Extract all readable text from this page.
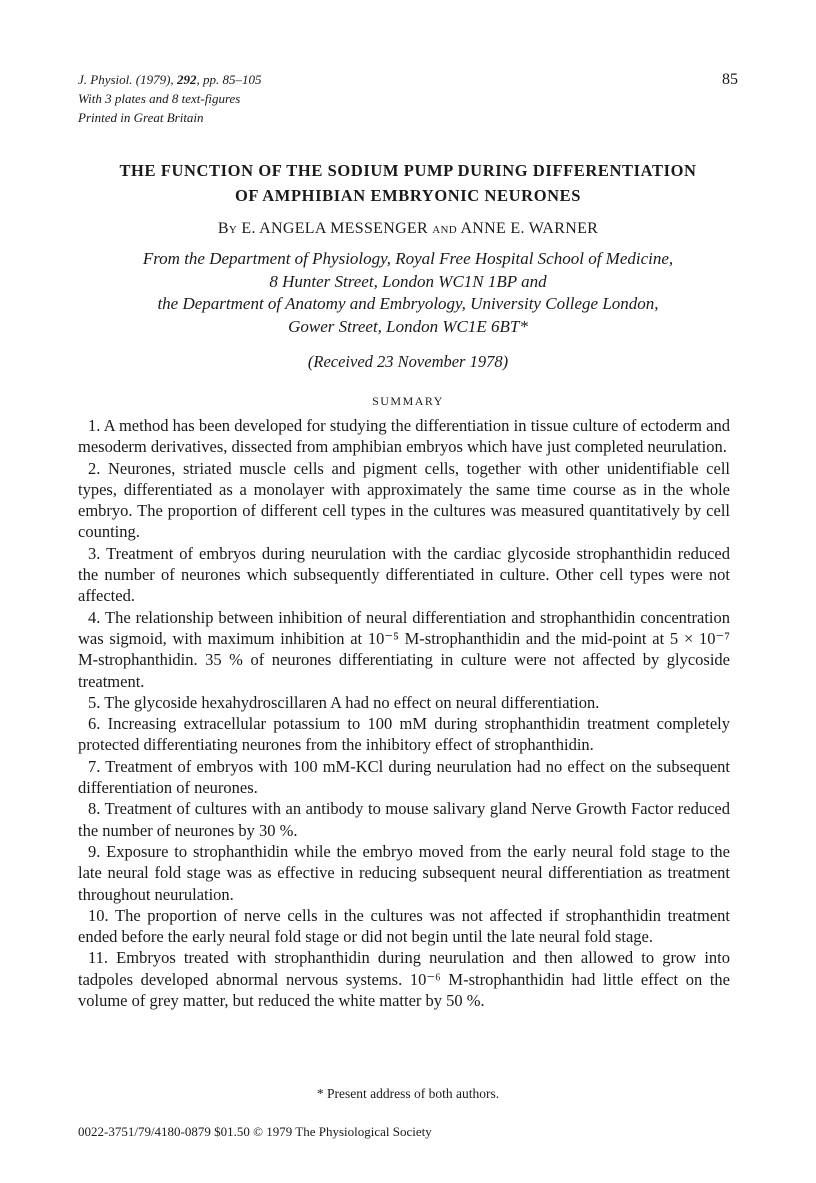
J. Physiol. (1979), 292, pp. 85–105
With 3 plates and 8 text-figures
Printed in Great Britain
85
THE FUNCTION OF THE SODIUM PUMP DURING DIFFERENTIATION
OF AMPHIBIAN EMBRYONIC NEURONES
By E. ANGELA MESSENGER and ANNE E. WARNER
From the Department of Physiology, Royal Free Hospital School of Medicine,
8 Hunter Street, London WC1N 1BP and
the Department of Anatomy and Embryology, University College London,
Gower Street, London WC1E 6BT*
(Received 23 November 1978)
SUMMARY

1. A method has been developed for studying the differentiation in tissue culture of ectoderm and mesoderm derivatives, dissected from amphibian embryos which have just completed neurulation.

2. Neurones, striated muscle cells and pigment cells, together with other unidentifiable cell types, differentiated as a monolayer with approximately the same time course as in the whole embryo. The proportion of different cell types in the cultures was measured quantitatively by cell counting.

3. Treatment of embryos during neurulation with the cardiac glycoside strophanthidin reduced the number of neurones which subsequently differentiated in culture. Other cell types were not affected.

4. The relationship between inhibition of neural differentiation and strophanthidin concentration was sigmoid, with maximum inhibition at 10⁻⁵ M-strophanthidin and the mid-point at 5 × 10⁻⁷ M-strophanthidin. 35 % of neurones differentiating in culture were not affected by glycoside treatment.

5. The glycoside hexahydroscillaren A had no effect on neural differentiation.

6. Increasing extracellular potassium to 100 mM during strophanthidin treatment completely protected differentiating neurones from the inhibitory effect of strophanthidin.

7. Treatment of embryos with 100 mM-KCl during neurulation had no effect on the subsequent differentiation of neurones.

8. Treatment of cultures with an antibody to mouse salivary gland Nerve Growth Factor reduced the number of neurones by 30 %.

9. Exposure to strophanthidin while the embryo moved from the early neural fold stage to the late neural fold stage was as effective in reducing subsequent neural differentiation as treatment throughout neurulation.

10. The proportion of nerve cells in the cultures was not affected if strophanthidin treatment ended before the early neural fold stage or did not begin until the late neural fold stage.

11. Embryos treated with strophanthidin during neurulation and then allowed to grow into tadpoles developed abnormal nervous systems. 10⁻⁶ M-strophanthidin had little effect on the volume of grey matter, but reduced the white matter by 50 %.

* Present address of both authors.
0022-3751/79/4180-0879 $01.50 © 1979 The Physiological Society
